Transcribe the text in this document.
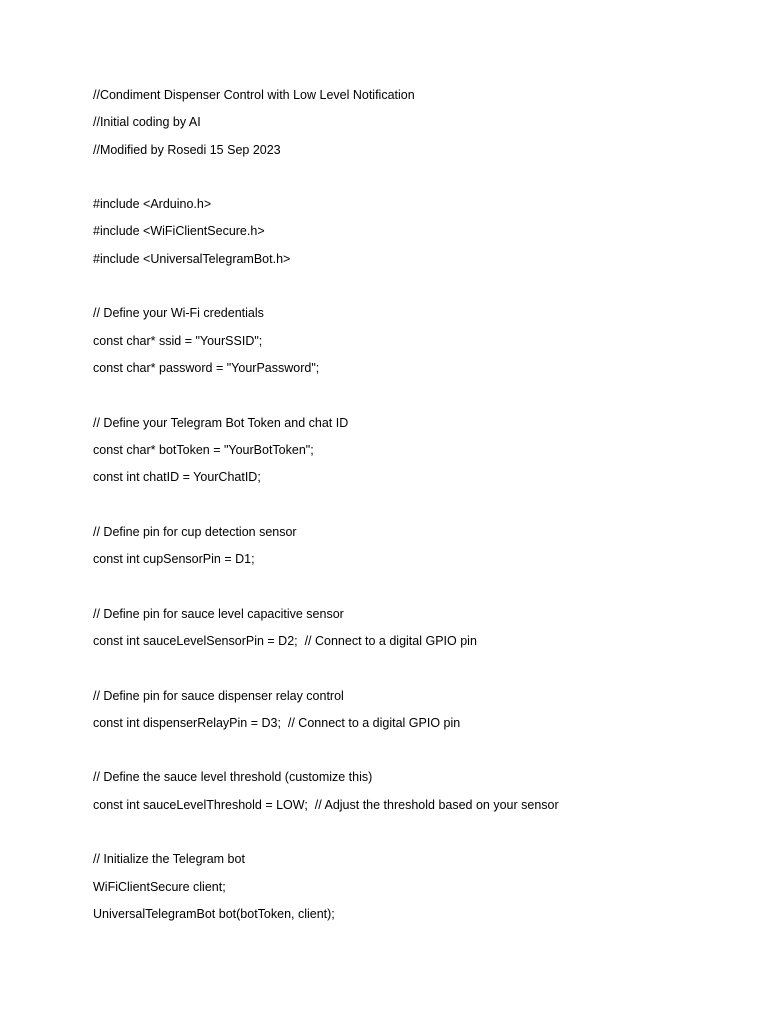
//Condiment Dispenser Control with Low Level Notification
//Initial coding by AI
//Modified by Rosedi 15 Sep 2023
#include <Arduino.h>
#include <WiFiClientSecure.h>
#include <UniversalTelegramBot.h>
// Define your Wi-Fi credentials
const char* ssid = "YourSSID";
const char* password = "YourPassword";
// Define your Telegram Bot Token and chat ID
const char* botToken = "YourBotToken";
const int chatID = YourChatID;
// Define pin for cup detection sensor
const int cupSensorPin = D1;
// Define pin for sauce level capacitive sensor
const int sauceLevelSensorPin = D2;  // Connect to a digital GPIO pin
// Define pin for sauce dispenser relay control
const int dispenserRelayPin = D3;  // Connect to a digital GPIO pin
// Define the sauce level threshold (customize this)
const int sauceLevelThreshold = LOW;  // Adjust the threshold based on your sensor
// Initialize the Telegram bot
WiFiClientSecure client;
UniversalTelegramBot bot(botToken, client);
